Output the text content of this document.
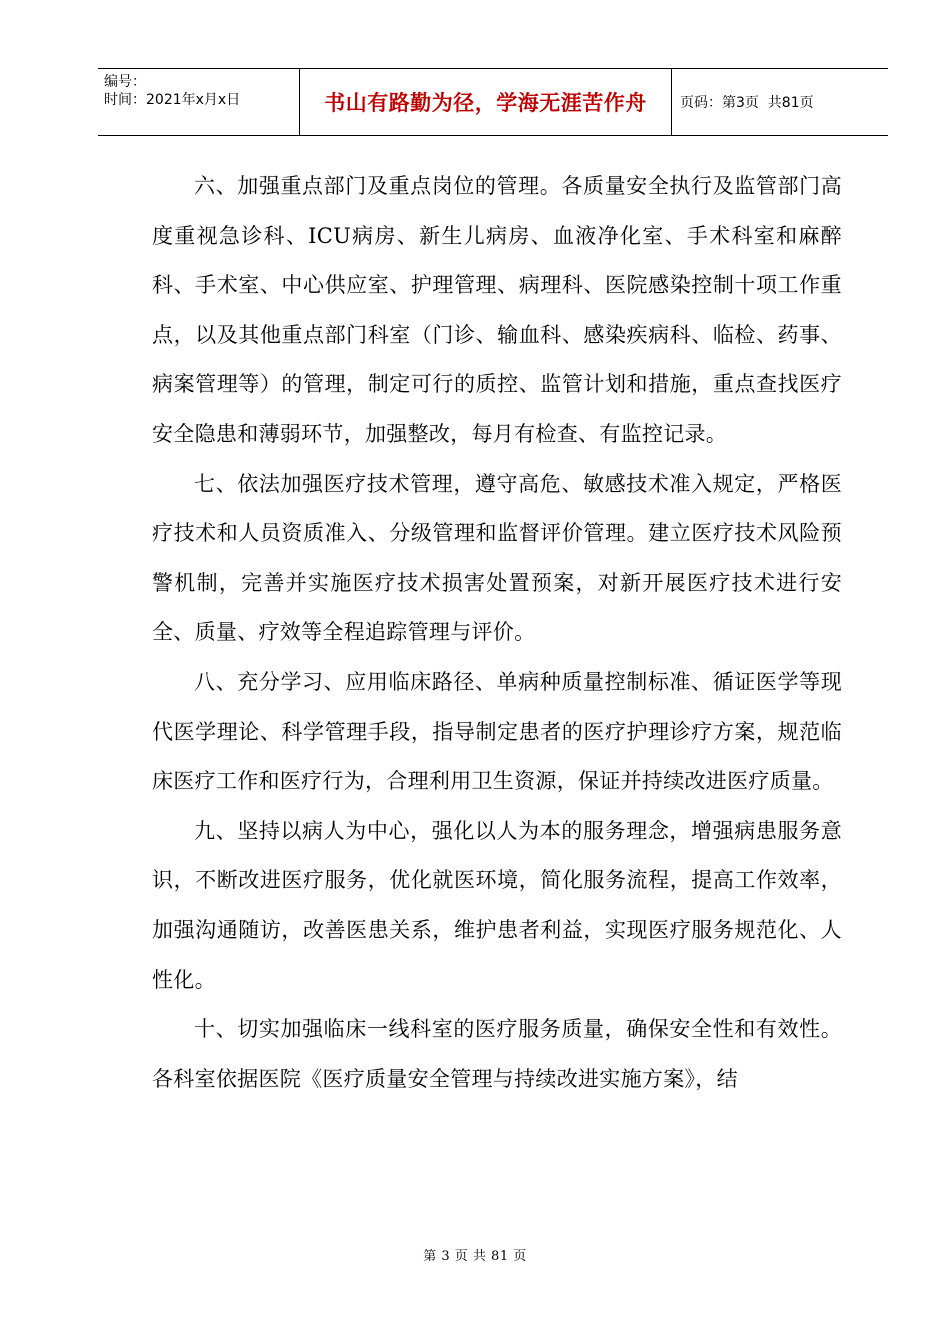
编号：
时间：2021年x月x日	书山有路勤为径，学海无涯苦作舟	页码：第3页  共81页

六、加强重点部门及重点岗位的管理。各质量安全执行及监管部门高度重视急诊科、ICU病房、新生儿病房、血液净化室、手术科室和麻醉科、手术室、中心供应室、护理管理、病理科、医院感染控制十项工作重点，以及其他重点部门科室（门诊、输血科、感染疾病科、临检、药事、病案管理等）的管理，制定可行的质控、监管计划和措施，重点查找医疗安全隐患和薄弱环节，加强整改，每月有检查、有监控记录。

七、依法加强医疗技术管理，遵守高危、敏感技术准入规定，严格医疗技术和人员资质准入、分级管理和监督评价管理。建立医疗技术风险预警机制，完善并实施医疗技术损害处置预案，对新开展医疗技术进行安全、质量、疗效等全程追踪管理与评价。

八、充分学习、应用临床路径、单病种质量控制标准、循证医学等现代医学理论、科学管理手段，指导制定患者的医疗护理诊疗方案，规范临床医疗工作和医疗行为，合理利用卫生资源，保证并持续改进医疗质量。

九、坚持以病人为中心，强化以人为本的服务理念，增强病患服务意识，不断改进医疗服务，优化就医环境，简化服务流程，提高工作效率，加强沟通随访，改善医患关系，维护患者利益，实现医疗服务规范化、人性化。

十、切实加强临床一线科室的医疗服务质量，确保安全性和有效性。各科室依据医院《医疗质量安全管理与持续改进实施方案》，结

第 3 页 共 81 页
